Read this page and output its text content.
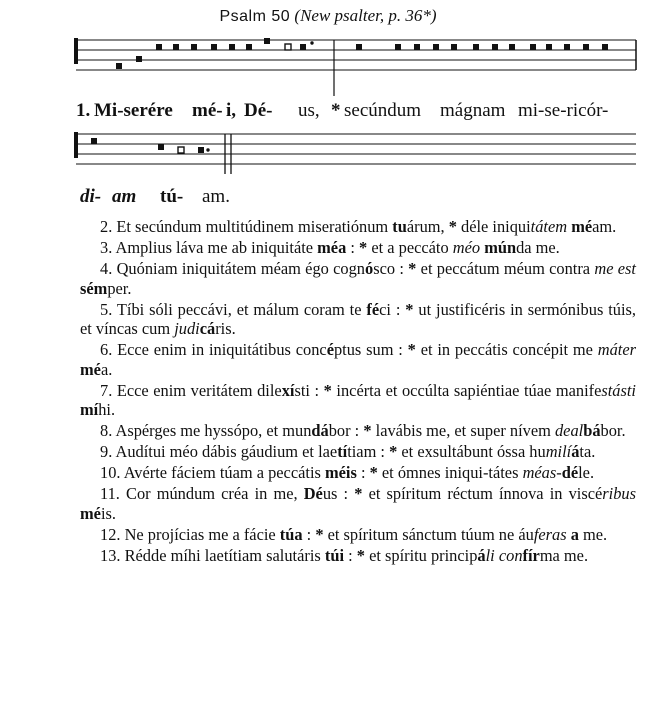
Psalm 50 (New psalter, p. 36*)
1. Mi-serére mé- i, Dé- us, * secúndum mágnam mi-se-ricór-
di- am tú- am.

2. Et secúndum multitúdinem miseratiónum tuárum, * déle iniquitátem méam.

3. Amplius láva me ab iniquitáte méa : * et a peccáto méo múnda me.

4. Quóniam iniquitátem méam égo cognósco : * et peccátum méum contra me est sémper.

5. Tíbi sóli peccávi, et málum coram te féci : * ut justificéris in sermónibus túis, et víncas cum judicáris.

6. Ecce enim in iniquitátibus concéptus sum : * et in peccátis concépit me máter méa.

7. Ecce enim veritátem dilexísti : * incérta et occúlta sapiéntiae túae manifestásti míhi.

8. Aspérges me hyssópo, et mundábor : * lavábis me, et super nívem dealbábor.

9. Audítui méo dábis gáudium et laetítiam : * et exsultábunt óssa humilíáta.

10. Avérte fáciem túam a peccátis méis : * et ómnes iniqui-tátes méas-déle.

11. Cor múndum créa in me, Déus : * et spíritum réctum ínnova in viscéribus méis.

12. Ne projícias me a fácie túa : * et spíritum sánctum túum ne áuferas a me.

13. Rédde míhi laetítiam salutáris túi : * et spíritu principáli confírma me.
